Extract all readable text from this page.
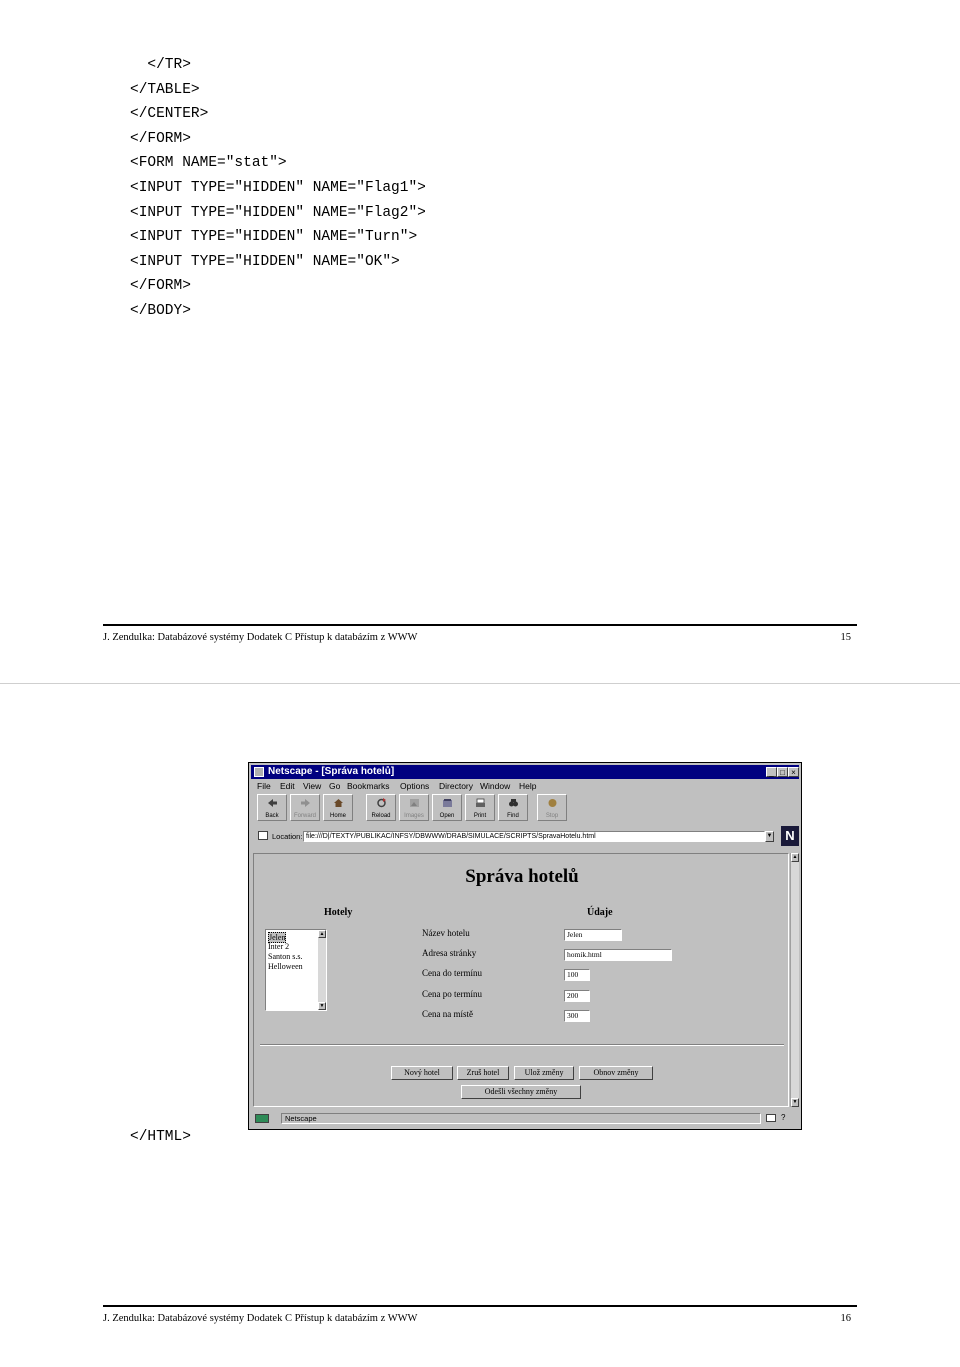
</TR>
</TABLE>
</CENTER>
</FORM>
<FORM NAME="stat">
<INPUT TYPE="HIDDEN" NAME="Flag1">
<INPUT TYPE="HIDDEN" NAME="Flag2">
<INPUT TYPE="HIDDEN" NAME="Turn">
<INPUT TYPE="HIDDEN" NAME="OK">
</FORM>
</BODY>
J. Zendulka: Databázové systémy Dodatek C Přístup k databázím z WWW	15
Netscape - [Správa hotelů]	_ □ ×
File Edit View Go Bookmarks Options Directory Window Help
Back	Forward	Home	Reload	Images	Open	Print	Find	Stop
Location: file:///D|/TEXTY/PUBLIKAC/INFSY/DBWWW/DRAB/SIMULACE/SCRIPTS/SpravaHotelu.html	▼ N
Správa hotelů
Hotely	Údaje
Jelen
Inter 2
Santon s.s.
Helloween
▲
▼
Název hotelu	Jelen
Adresa stránky	homik.html
Cena do termínu	100
Cena po termínu	200
Cena na místě	300
Nový hotel	Zruš hotel	Ulož změny	Obnov změny
Odešli všechny změny
▲
▼
Netscape	?
</HTML>
J. Zendulka: Databázové systémy Dodatek C Přístup k databázím z WWW	16
